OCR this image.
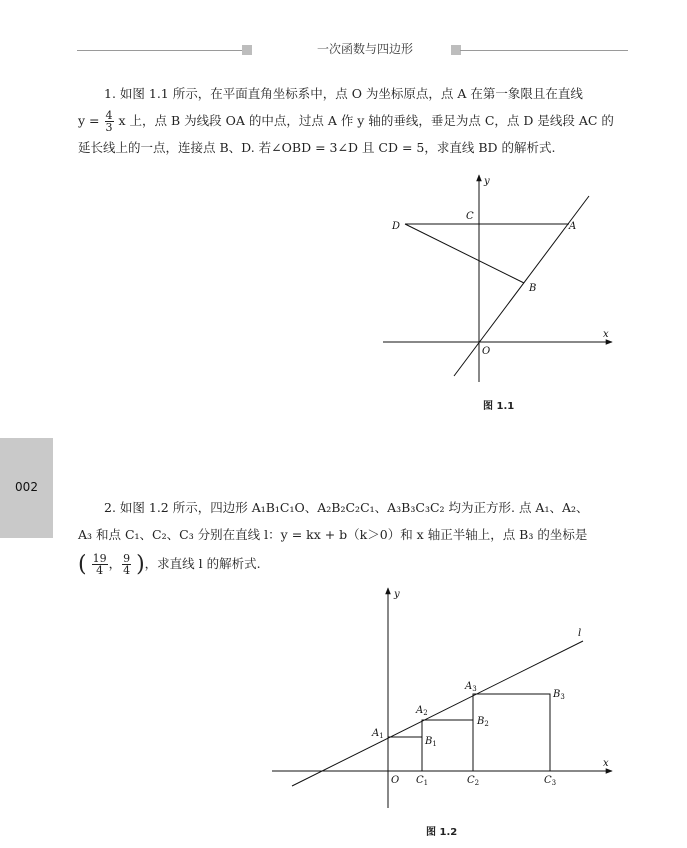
一次函数与四边形
002
1. 如图 1.1 所示，在平面直角坐标系中，点 O 为坐标原点，点 A 在第一象限且在直线
$y = \frac{4}{3}$ x 上，点 B 为线段 OA 的中点，过点 A 作 y 轴的垂线，垂足为点 C，点 D 是线段 AC 的
延长线上的一点，连接点 B、D. 若∠OBD = 3∠D 且 CD = 5，求直线 BD 的解析式.
y
x
C
D	A
B
O
y
x
l
O
$A_1$	$B_1$
$C_1$
$A_2$
$B_2$
$C_2$
$A_3$	$B_3$
$C_3$
图 1.1
2. 如图 1.2 所示，四边形 A₁B₁C₁O、A₂B₂C₂C₁、A₃B₃C₃C₂ 均为正方形. 点 A₁、A₂、
A₃ 和点 C₁、C₂、C₃ 分别在直线 l：y = kx + b（k＞0）和 x 轴正半轴上，点 B₃ 的坐标是
( $\frac{19}{4}$ ， $\frac{9}{4}$ )，求直线 l 的解析式.
图 1.2
